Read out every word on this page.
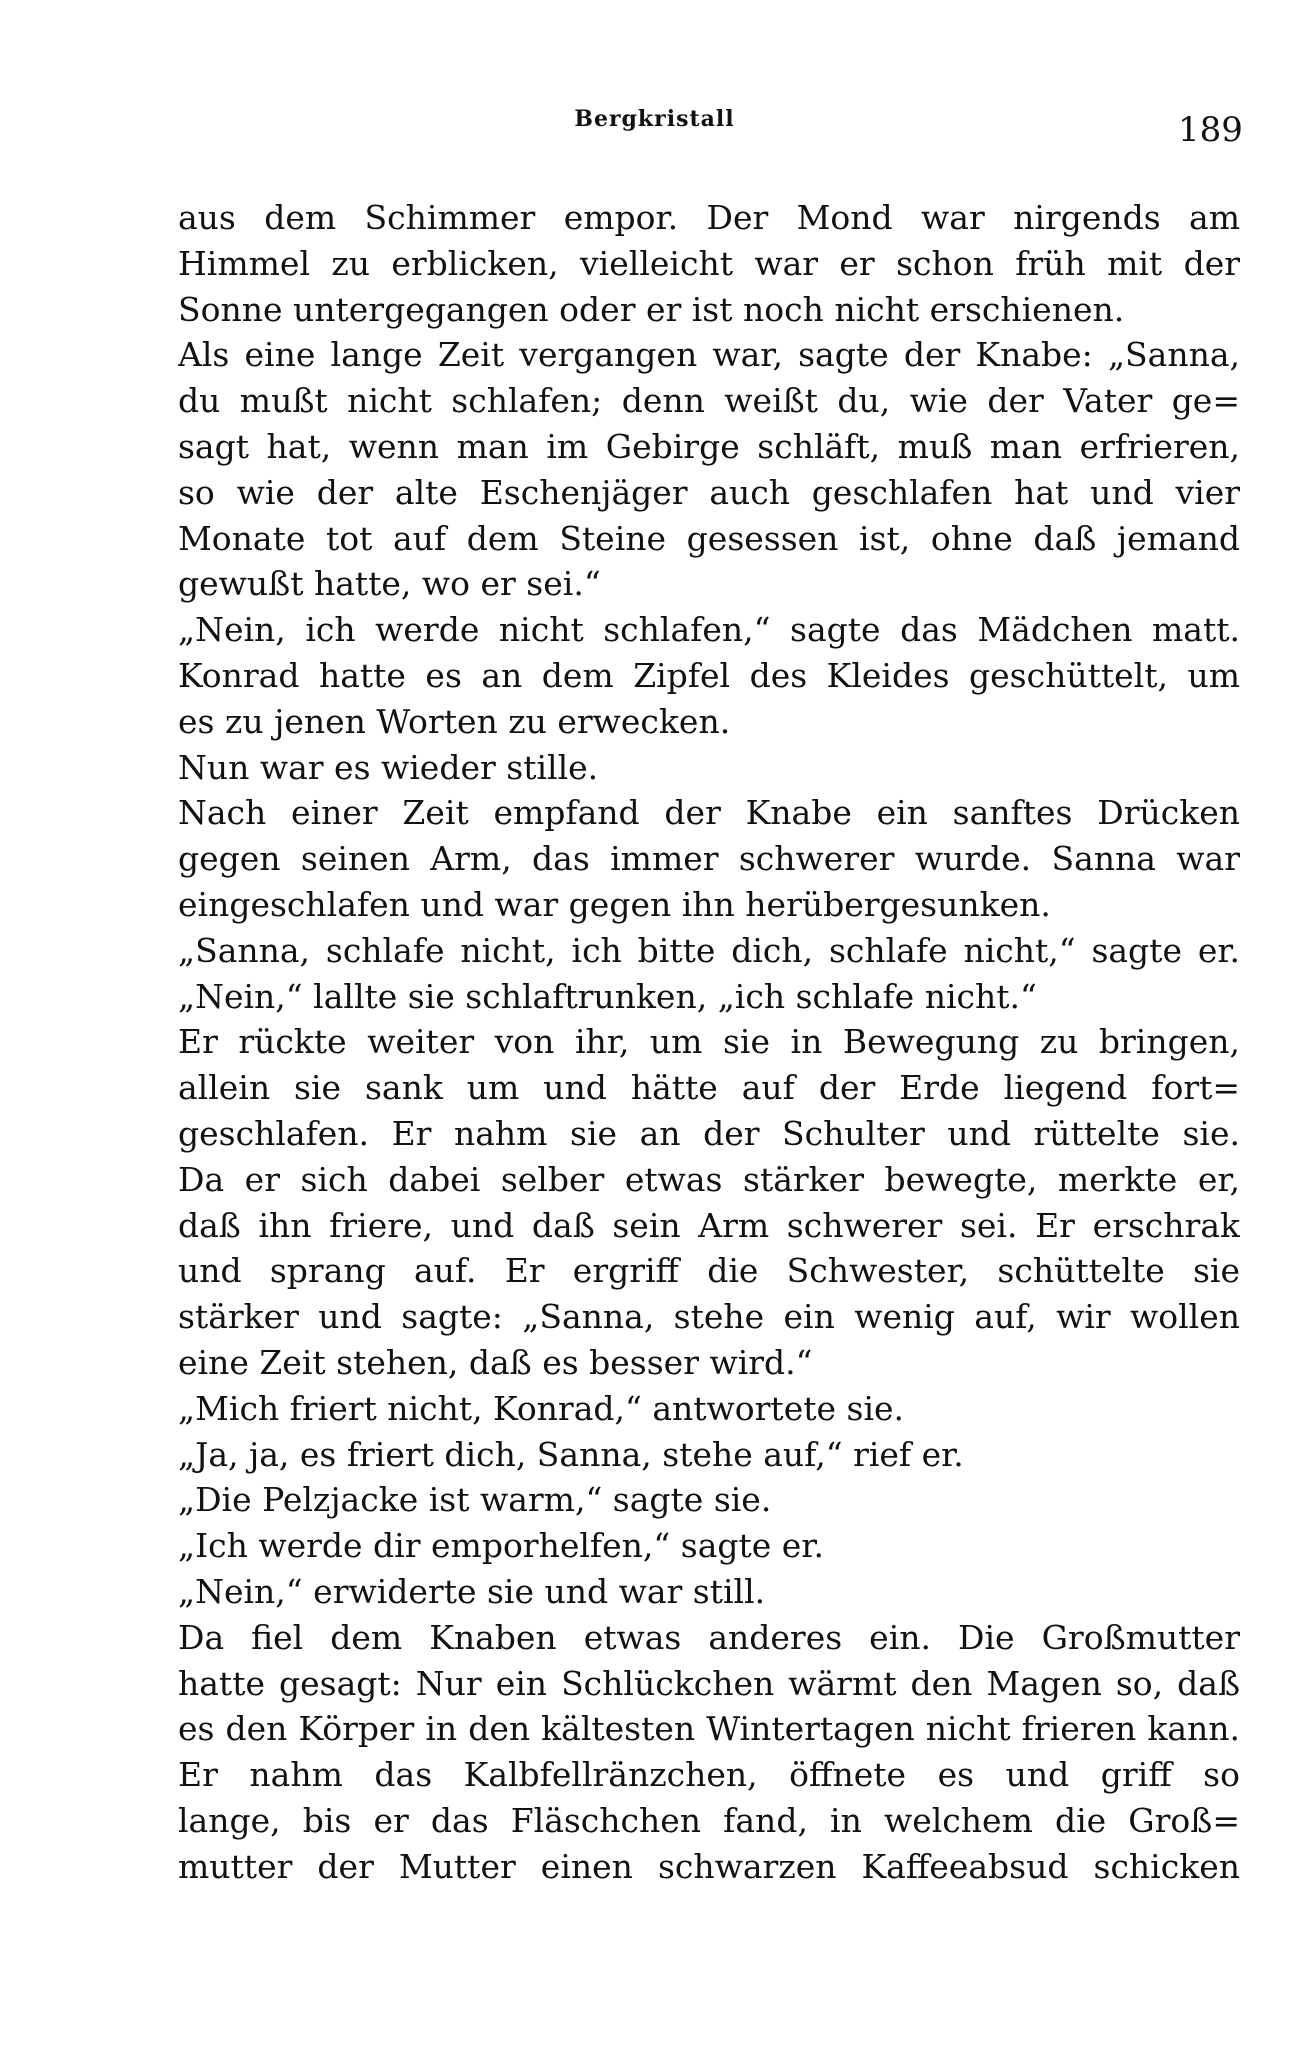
Bergkristall	189
aus dem Schimmer empor. Der Mond war nirgends am
Himmel zu erblicken, vielleicht war er schon früh mit der
Sonne untergegangen oder er ist noch nicht erschienen.
Als eine lange Zeit vergangen war, sagte der Knabe: „Sanna,
du mußt nicht schlafen; denn weißt du, wie der Vater ge=
sagt hat, wenn man im Gebirge schläft, muß man erfrieren,
so wie der alte Eschenjäger auch geschlafen hat und vier
Monate tot auf dem Steine gesessen ist, ohne daß jemand
gewußt hatte, wo er sei.“
„Nein, ich werde nicht schlafen,“ sagte das Mädchen matt.
Konrad hatte es an dem Zipfel des Kleides geschüttelt, um
es zu jenen Worten zu erwecken.
Nun war es wieder stille.
Nach einer Zeit empfand der Knabe ein sanftes Drücken
gegen seinen Arm, das immer schwerer wurde. Sanna war
eingeschlafen und war gegen ihn herübergesunken.
„Sanna, schlafe nicht, ich bitte dich, schlafe nicht,“ sagte er.
„Nein,“ lallte sie schlaftrunken, „ich schlafe nicht.“
Er rückte weiter von ihr, um sie in Bewegung zu bringen,
allein sie sank um und hätte auf der Erde liegend fort=
geschlafen. Er nahm sie an der Schulter und rüttelte sie.
Da er sich dabei selber etwas stärker bewegte, merkte er,
daß ihn friere, und daß sein Arm schwerer sei. Er erschrak
und sprang auf. Er ergriff die Schwester, schüttelte sie
stärker und sagte: „Sanna, stehe ein wenig auf, wir wollen
eine Zeit stehen, daß es besser wird.“
„Mich friert nicht, Konrad,“ antwortete sie.
„Ja, ja, es friert dich, Sanna, stehe auf,“ rief er.
„Die Pelzjacke ist warm,“ sagte sie.
„Ich werde dir emporhelfen,“ sagte er.
„Nein,“ erwiderte sie und war still.
Da fiel dem Knaben etwas anderes ein. Die Großmutter
hatte gesagt: Nur ein Schlückchen wärmt den Magen so, daß
es den Körper in den kältesten Wintertagen nicht frieren kann.
Er nahm das Kalbfellränzchen, öffnete es und griff so
lange, bis er das Fläschchen fand, in welchem die Groß=
mutter der Mutter einen schwarzen Kaffeeabsud schicken
